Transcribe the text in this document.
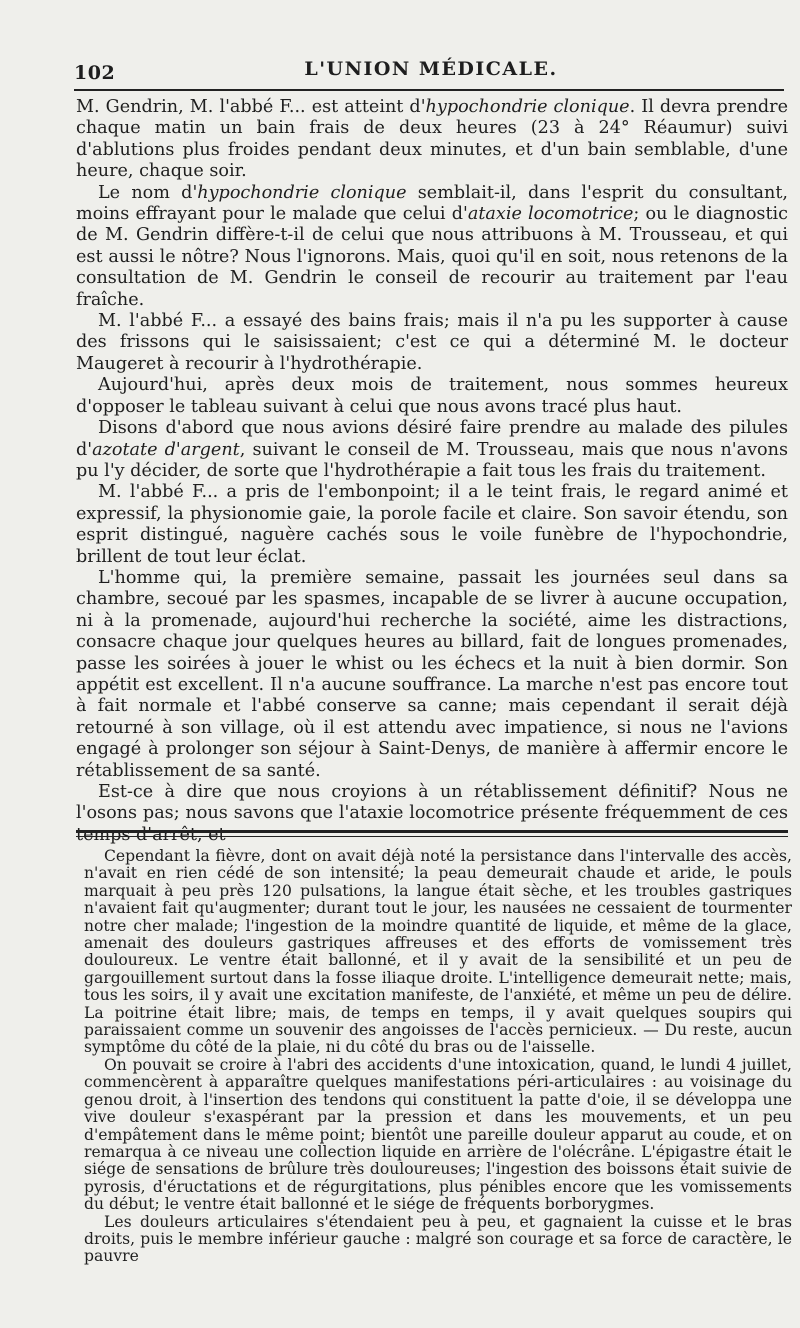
102	L'UNION MÉDICALE.

M. Gendrin, M. l'abbé F... est atteint d'hypochondrie clonique. Il devra prendre chaque matin un bain frais de deux heures (23 à 24° Réaumur) suivi d'ablutions plus froides pendant deux minutes, et d'un bain semblable, d'une heure, chaque soir.

Le nom d'hypochondrie clonique semblait-il, dans l'esprit du consultant, moins effrayant pour le malade que celui d'ataxie locomotrice; ou le diagnostic de M. Gendrin diffère-t-il de celui que nous attribuons à M. Trousseau, et qui est aussi le nôtre? Nous l'ignorons. Mais, quoi qu'il en soit, nous retenons de la consultation de M. Gendrin le conseil de recourir au traitement par l'eau fraîche.

M. l'abbé F... a essayé des bains frais; mais il n'a pu les supporter à cause des frissons qui le saisissaient; c'est ce qui a déterminé M. le docteur Maugeret à recourir à l'hydrothérapie.

Aujourd'hui, après deux mois de traitement, nous sommes heureux d'opposer le tableau suivant à celui que nous avons tracé plus haut.

Disons d'abord que nous avions désiré faire prendre au malade des pilules d'azotate d'argent, suivant le conseil de M. Trousseau, mais que nous n'avons pu l'y décider, de sorte que l'hydrothérapie a fait tous les frais du traitement.

M. l'abbé F... a pris de l'embonpoint; il a le teint frais, le regard animé et expressif, la physionomie gaie, la porole facile et claire. Son savoir étendu, son esprit distingué, naguère cachés sous le voile funèbre de l'hypochondrie, brillent de tout leur éclat.

L'homme qui, la première semaine, passait les journées seul dans sa chambre, secoué par les spasmes, incapable de se livrer à aucune occupation, ni à la promenade, aujourd'hui recherche la société, aime les distractions, consacre chaque jour quelques heures au billard, fait de longues promenades, passe les soirées à jouer le whist ou les échecs et la nuit à bien dormir. Son appétit est excellent. Il n'a aucune souffrance. La marche n'est pas encore tout à fait normale et l'abbé conserve sa canne; mais cependant il serait déjà retourné à son village, où il est attendu avec impatience, si nous ne l'avions engagé à prolonger son séjour à Saint-Denys, de manière à affermir encore le rétablissement de sa santé.

Est-ce à dire que nous croyions à un rétablissement définitif? Nous ne l'osons pas; nous savons que l'ataxie locomotrice présente fréquemment de ces temps d'arrêt, et

Cependant la fièvre, dont on avait déjà noté la persistance dans l'intervalle des accès, n'avait en rien cédé de son intensité; la peau demeurait chaude et aride, le pouls marquait à peu près 120 pulsations, la langue était sèche, et les troubles gastriques n'avaient fait qu'augmenter; durant tout le jour, les nausées ne cessaient de tourmenter notre cher malade; l'ingestion de la moindre quantité de liquide, et même de la glace, amenait des douleurs gastriques affreuses et des efforts de vomissement très douloureux. Le ventre était ballonné, et il y avait de la sensibilité et un peu de gargouillement surtout dans la fosse iliaque droite. L'intelligence demeurait nette; mais, tous les soirs, il y avait une excitation manifeste, de l'anxiété, et même un peu de délire. La poitrine était libre; mais, de temps en temps, il y avait quelques soupirs qui paraissaient comme un souvenir des angoisses de l'accès pernicieux. — Du reste, aucun symptôme du côté de la plaie, ni du côté du bras ou de l'aisselle.

On pouvait se croire à l'abri des accidents d'une intoxication, quand, le lundi 4 juillet, commencèrent à apparaître quelques manifestations péri-articulaires : au voisinage du genou droit, à l'insertion des tendons qui constituent la patte d'oie, il se développa une vive douleur s'exaspérant par la pression et dans les mouvements, et un peu d'empâtement dans le même point; bientôt une pareille douleur apparut au coude, et on remarqua à ce niveau une collection liquide en arrière de l'olécrâne. L'épigastre était le siége de sensations de brûlure très douloureuses; l'ingestion des boissons était suivie de pyrosis, d'éructations et de régurgitations, plus pénibles encore que les vomissements du début; le ventre était ballonné et le siége de fréquents borborygmes.

Les douleurs articulaires s'étendaient peu à peu, et gagnaient la cuisse et le bras droits, puis le membre inférieur gauche : malgré son courage et sa force de caractère, le pauvre
